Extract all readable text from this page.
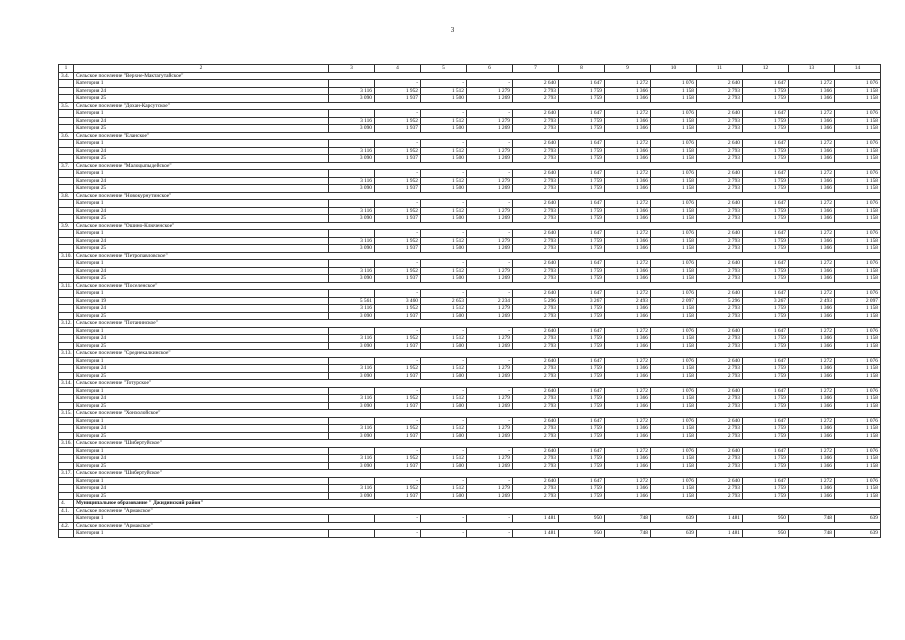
3
1	2	3	4	5	6	7	8	9	10	11	12	13	14
3.4.	Сельское поселение "Верхне-Мактагутайское"												
	Категория 1		-	-	-	2 640	1 647	1 272	1 076	2 640	1 647	1 272	1 076
	Категория 24	3 116	1 952	1 512	1 279	2 793	1 759	1 366	1 158	2 793	1 759	1 366	1 158
	Категория 25	3 090	1 937	1 500	1 269	2 793	1 759	1 366	1 158	2 793	1 759	1 366	1 158
3.5.	Сельское поселение "Дохан-Карсутское"												
	Категория 1		-	-	-	2 640	1 647	1 272	1 076	2 640	1 647	1 272	1 076
	Категория 24	3 116	1 952	1 512	1 279	2 793	1 759	1 366	1 158	2 793	1 759	1 366	1 158
	Категория 25	3 090	1 937	1 500	1 269	2 793	1 759	1 366	1 158	2 793	1 759	1 366	1 158
3.6.	Сельское поселение "Еланское"												
	Категория 1		-	-	-	2 640	1 647	1 272	1 076	2 640	1 647	1 272	1 076
	Категория 24	3 116	1 952	1 512	1 279	2 793	1 759	1 366	1 158	2 793	1 759	1 366	1 158
	Категория 25	3 090	1 937	1 500	1 269	2 793	1 759	1 366	1 158	2 793	1 759	1 366	1 158
3.7.	Сельское поселение "Малоцыпыдейское"												
	Категория 1		-	-	-	2 640	1 647	1 272	1 076	2 640	1 647	1 272	1 076
	Категория 24	3 116	1 952	1 512	1 279	2 793	1 759	1 366	1 158	2 793	1 759	1 366	1 158
	Категория 25	3 090	1 937	1 500	1 269	2 793	1 759	1 366	1 158	2 793	1 759	1 366	1 158
3.8.	Сельское поселение "Новокурнутинское"												
	Категория 1		-	-	-	2 640	1 647	1 272	1 076	2 640	1 647	1 272	1 076
	Категория 24	3 116	1 952	1 512	1 279	2 793	1 759	1 366	1 158	2 793	1 759	1 366	1 158
	Категория 25	3 090	1 937	1 500	1 269	2 793	1 759	1 366	1 158	2 793	1 759	1 366	1 158
3.9.	Сельское поселение "Ошино-Ключенское"												
	Категория 1		-	-	-	2 640	1 647	1 272	1 076	2 640	1 647	1 272	1 076
	Категория 24	3 116	1 952	1 512	1 279	2 793	1 759	1 366	1 158	2 793	1 759	1 366	1 158
	Категория 25	3 090	1 937	1 500	1 269	2 793	1 759	1 366	1 158	2 793	1 759	1 366	1 158
3.10.	Сельское поселение "Петропавловское"												
	Категория 1		-	-	-	2 640	1 647	1 272	1 076	2 640	1 647	1 272	1 076
	Категория 24	3 116	1 952	1 512	1 279	2 793	1 759	1 366	1 158	2 793	1 759	1 366	1 158
	Категория 25	3 090	1 937	1 500	1 269	2 793	1 759	1 366	1 158	2 793	1 759	1 366	1 158
3.11.	Сельское поселение "Поселенское"												
	Категория 1		-	-	-	2 640	1 647	1 272	1 076	2 640	1 647	1 272	1 076
	Категория 19	5 561	3 460	2 653	2 234	5 296	3 267	2 493	2 097	5 296	3 267	2 493	2 097
	Категория 24	3 116	1 952	1 512	1 279	2 793	1 759	1 366	1 158	2 793	1 759	1 366	1 158
	Категория 25	3 090	1 937	1 500	1 269	2 793	1 759	1 366	1 158	2 793	1 759	1 366	1 158
3.12.	Сельское поселение "Потанинское"												
	Категория 1		-	-	-	2 640	1 647	1 272	1 076	2 640	1 647	1 272	1 076
	Категория 24	3 116	1 952	1 512	1 279	2 793	1 759	1 366	1 158	2 793	1 759	1 366	1 158
	Категория 25	3 090	1 937	1 500	1 269	2 793	1 759	1 366	1 158	2 793	1 759	1 366	1 158
3.13.	Сельское поселение "Среднекалкинское"												
	Категория 1		-	-	-	2 640	1 647	1 272	1 076	2 640	1 647	1 272	1 076
	Категория 24	3 116	1 952	1 512	1 279	2 793	1 759	1 366	1 158	2 793	1 759	1 366	1 158
	Категория 25	3 090	1 937	1 500	1 269	2 793	1 759	1 366	1 158	2 793	1 759	1 366	1 158
3.14.	Сельское поселение "Тотурское"												
	Категория 1		-	-	-	2 640	1 647	1 272	1 076	2 640	1 647	1 272	1 076
	Категория 24	3 116	1 952	1 512	1 279	2 793	1 759	1 366	1 158	2 793	1 759	1 366	1 158
	Категория 25	3 090	1 937	1 500	1 269	2 793	1 759	1 366	1 158	2 793	1 759	1 366	1 158
3.15.	Сельское поселение "Хонхолойское"												
	Категория 1		-	-	-	2 640	1 647	1 272	1 076	2 640	1 647	1 272	1 076
	Категория 24	3 116	1 952	1 512	1 279	2 793	1 759	1 366	1 158	2 793	1 759	1 366	1 158
	Категория 25	3 090	1 937	1 500	1 269	2 793	1 759	1 366	1 158	2 793	1 759	1 366	1 158
3.16.	Сельское поселение "Шибертуйское"												
	Категория 1		-	-	-	2 640	1 647	1 272	1 076	2 640	1 647	1 272	1 076
	Категория 24	3 116	1 952	1 512	1 279	2 793	1 759	1 366	1 158	2 793	1 759	1 366	1 158
	Категория 25	3 090	1 937	1 500	1 269	2 793	1 759	1 366	1 158	2 793	1 759	1 366	1 158
3.17.	Сельское поселение "Шибертуйское"												
	Категория 1		-	-	-	2 640	1 647	1 272	1 076	2 640	1 647	1 272	1 076
	Категория 24	3 116	1 952	1 512	1 279	2 793	1 759	1 366	1 158	2 793	1 759	1 366	1 158
	Категория 25	3 090	1 937	1 500	1 269	2 793	1 759	1 366	1 158	2 793	1 759	1 366	1 158
4.	Муниципальное образование " Джидинский район"												
4.1.	Сельское поселение "Армакское"												
	Категория 1		-	-	-	1 481	950	748	639	1 481	950	748	639
4.2.	Сельское поселение "Армакское"												
	Категория 1		-	-	-	1 481	950	748	639	1 481	950	748	639
